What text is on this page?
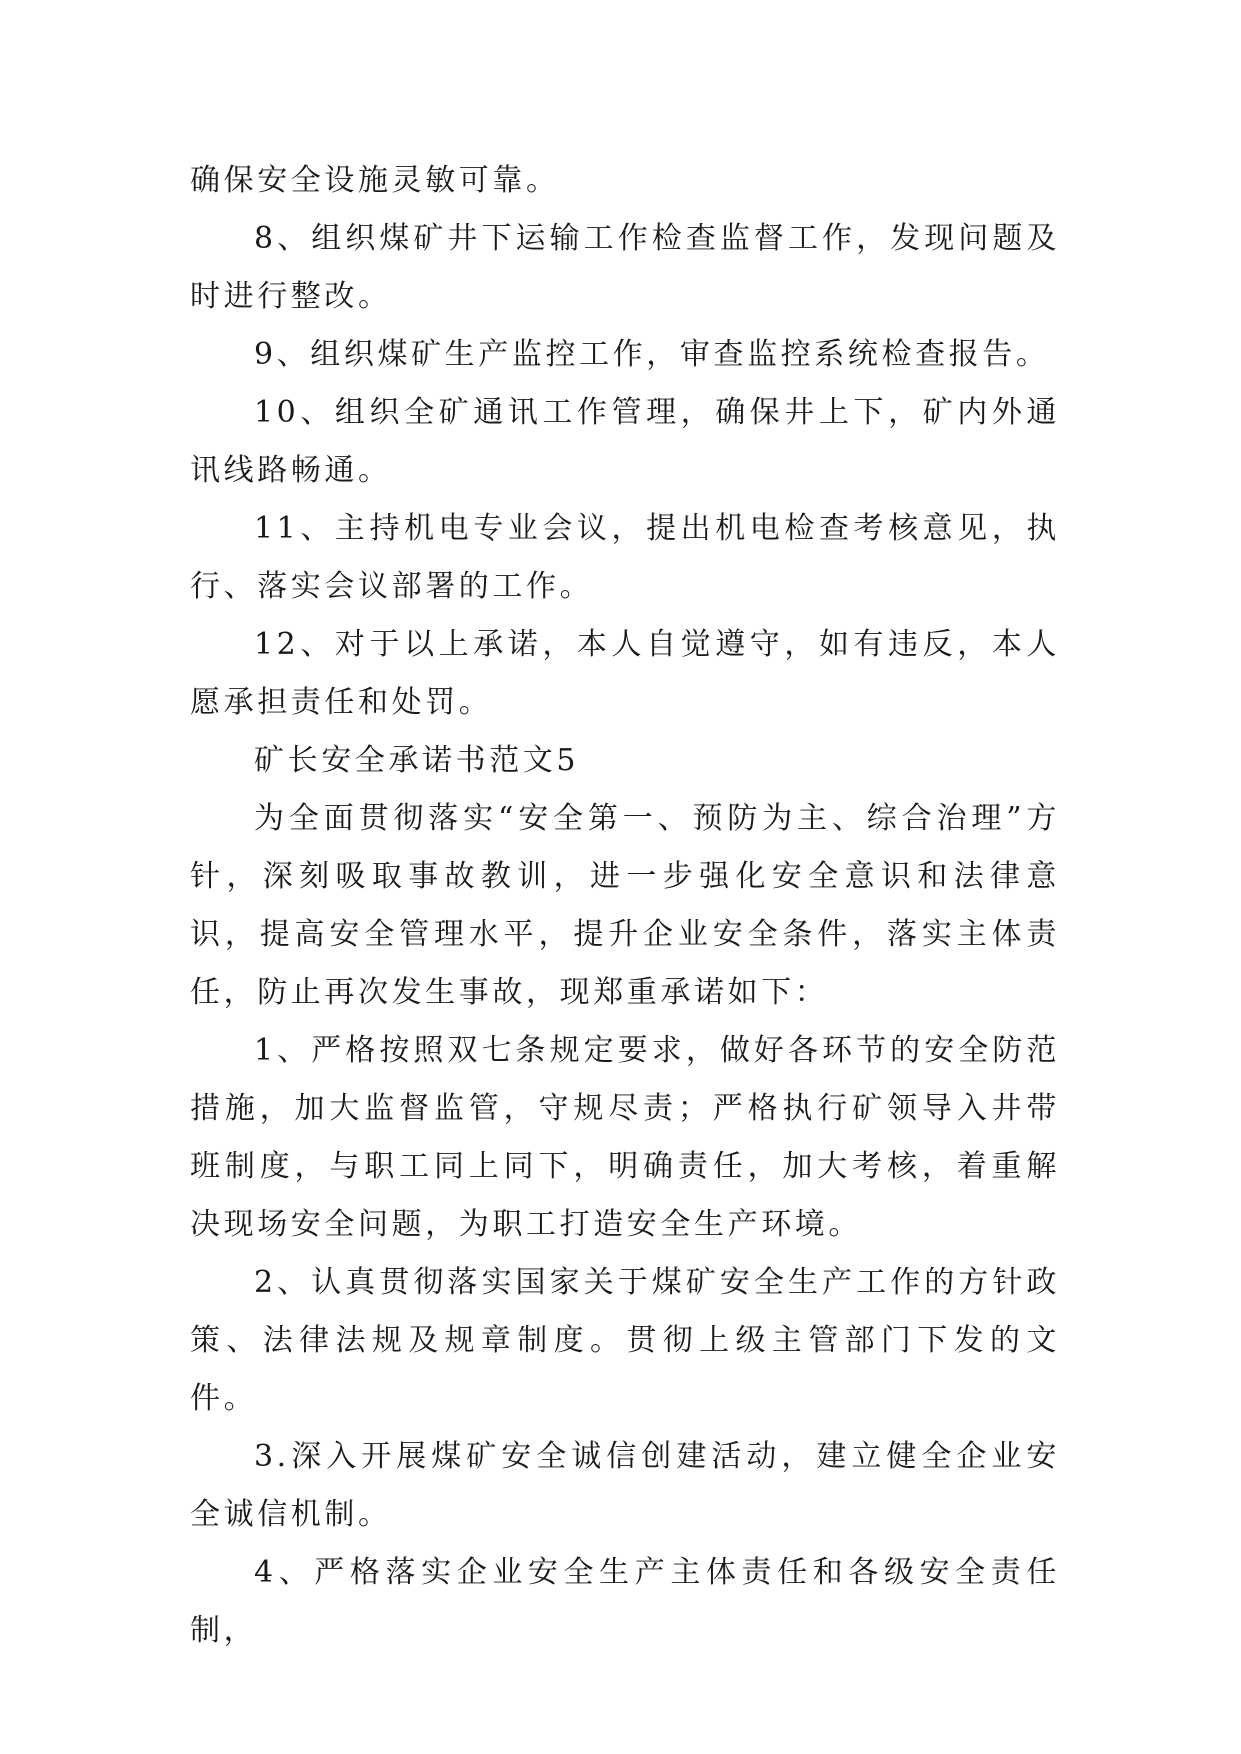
确保安全设施灵敏可靠。

8、组织煤矿井下运输工作检查监督工作，发现问题及时进行整改。

9、组织煤矿生产监控工作，审查监控系统检查报告。

10、组织全矿通讯工作管理，确保井上下，矿内外通讯线路畅通。

11、主持机电专业会议，提出机电检查考核意见，执行、落实会议部署的工作。

12、对于以上承诺，本人自觉遵守，如有违反，本人愿承担责任和处罚。

矿长安全承诺书范文5

为全面贯彻落实“安全第一、预防为主、综合治理”方针，深刻吸取事故教训，进一步强化安全意识和法律意识，提高安全管理水平，提升企业安全条件，落实主体责任，防止再次发生事故，现郑重承诺如下：

1、严格按照双七条规定要求，做好各环节的安全防范措施，加大监督监管，守规尽责；严格执行矿领导入井带班制度，与职工同上同下，明确责任，加大考核，着重解决现场安全问题，为职工打造安全生产环境。

2、认真贯彻落实国家关于煤矿安全生产工作的方针政策、法律法规及规章制度。贯彻上级主管部门下发的文件。

3.深入开展煤矿安全诚信创建活动，建立健全企业安全诚信机制。

4、严格落实企业安全生产主体责任和各级安全责任制，
